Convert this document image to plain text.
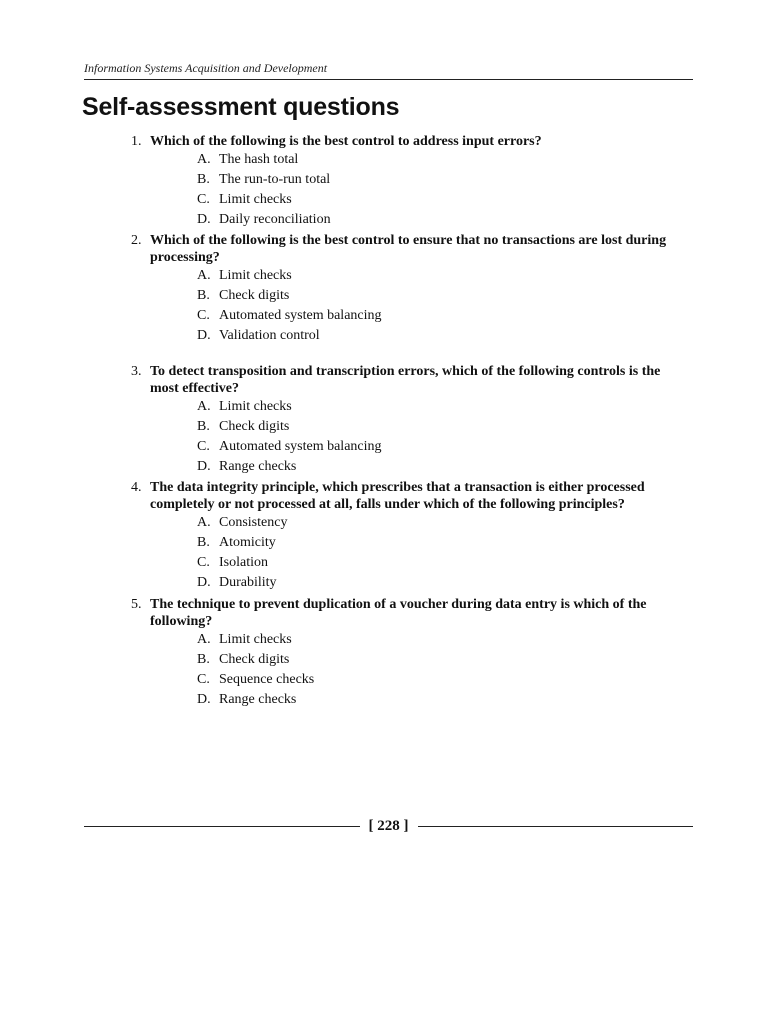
Information Systems Acquisition and Development
Self-assessment questions
1. Which of the following is the best control to address input errors?
A. The hash total
B. The run-to-run total
C. Limit checks
D. Daily reconciliation
2. Which of the following is the best control to ensure that no transactions are lost during processing?
A. Limit checks
B. Check digits
C. Automated system balancing
D. Validation control
3. To detect transposition and transcription errors, which of the following controls is the most effective?
A. Limit checks
B. Check digits
C. Automated system balancing
D. Range checks
4. The data integrity principle, which prescribes that a transaction is either processed completely or not processed at all, falls under which of the following principles?
A. Consistency
B. Atomicity
C. Isolation
D. Durability
5. The technique to prevent duplication of a voucher during data entry is which of the following?
A. Limit checks
B. Check digits
C. Sequence checks
D. Range checks
[ 228 ]
